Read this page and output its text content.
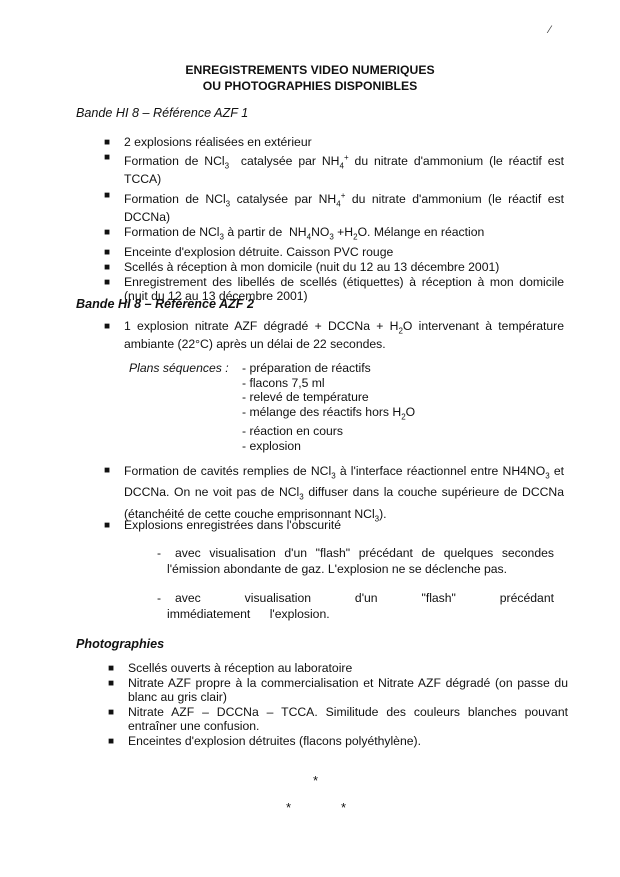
⁄
ENREGISTREMENTS VIDEO NUMERIQUES
OU PHOTOGRAPHIES DISPONIBLES
Bande HI 8 – Référence AZF 1
■ 2 explosions réalisées en extérieur
■ Formation de NCl$_3$  catalysée par $NH_4^+$ du nitrate d'ammonium (le réactif est TCCA)
■ Formation de NCl$_3$ catalysée par $NH_4^+$ du nitrate d'ammonium (le réactif est DCCNa)
■ Formation de NCl$_3$ à partir de  $NH_4NO_3 +H_2O$. Mélange en réaction
■ Enceinte d'explosion détruite. Caisson PVC rouge
■ Scellés à réception à mon domicile (nuit du 12 au 13 décembre 2001)
■ Enregistrement des libellés de scellés (étiquettes) à réception à mon domicile (nuit du 12 au 13 décembre 2001)
Bande HI 8 – Référence AZF 2
■ 1 explosion nitrate AZF dégradé + DCCNa + $H_2O$ intervenant à température ambiante (22°C) après un délai de 22 secondes.
Plans séquences : - préparation de réactifs
- flacons 7,5 ml
- relevé de température
- mélange des réactifs hors $H_2O$
- réaction en cours
- explosion
■ Formation de cavités remplies de NCl$_3$ à l'interface réactionnel entre $NH4NO_3$ et DCCNa. On ne voit pas de NCl$_3$ diffuser dans la couche supérieure de DCCNa (étanchéité de cette couche emprisonnant NCl$_3$).
■ Explosions enregistrées dans l'obscurité
- avec visualisation d'un "flash" précédant de quelques secondes l'émission abondante de gaz. L'explosion ne se déclenche pas.
- avec visualisation d'un "flash" précédant immédiatement l'explosion.
Photographies
■ Scellés ouverts à réception au laboratoire
■ Nitrate AZF propre à la commercialisation et Nitrate AZF dégradé (on passe du blanc au gris clair)
■ Nitrate AZF – DCCNa – TCCA. Similitude des couleurs blanches pouvant entraîner une confusion.
■ Enceintes d'explosion détruites (flacons polyéthylène).
*
*	*
